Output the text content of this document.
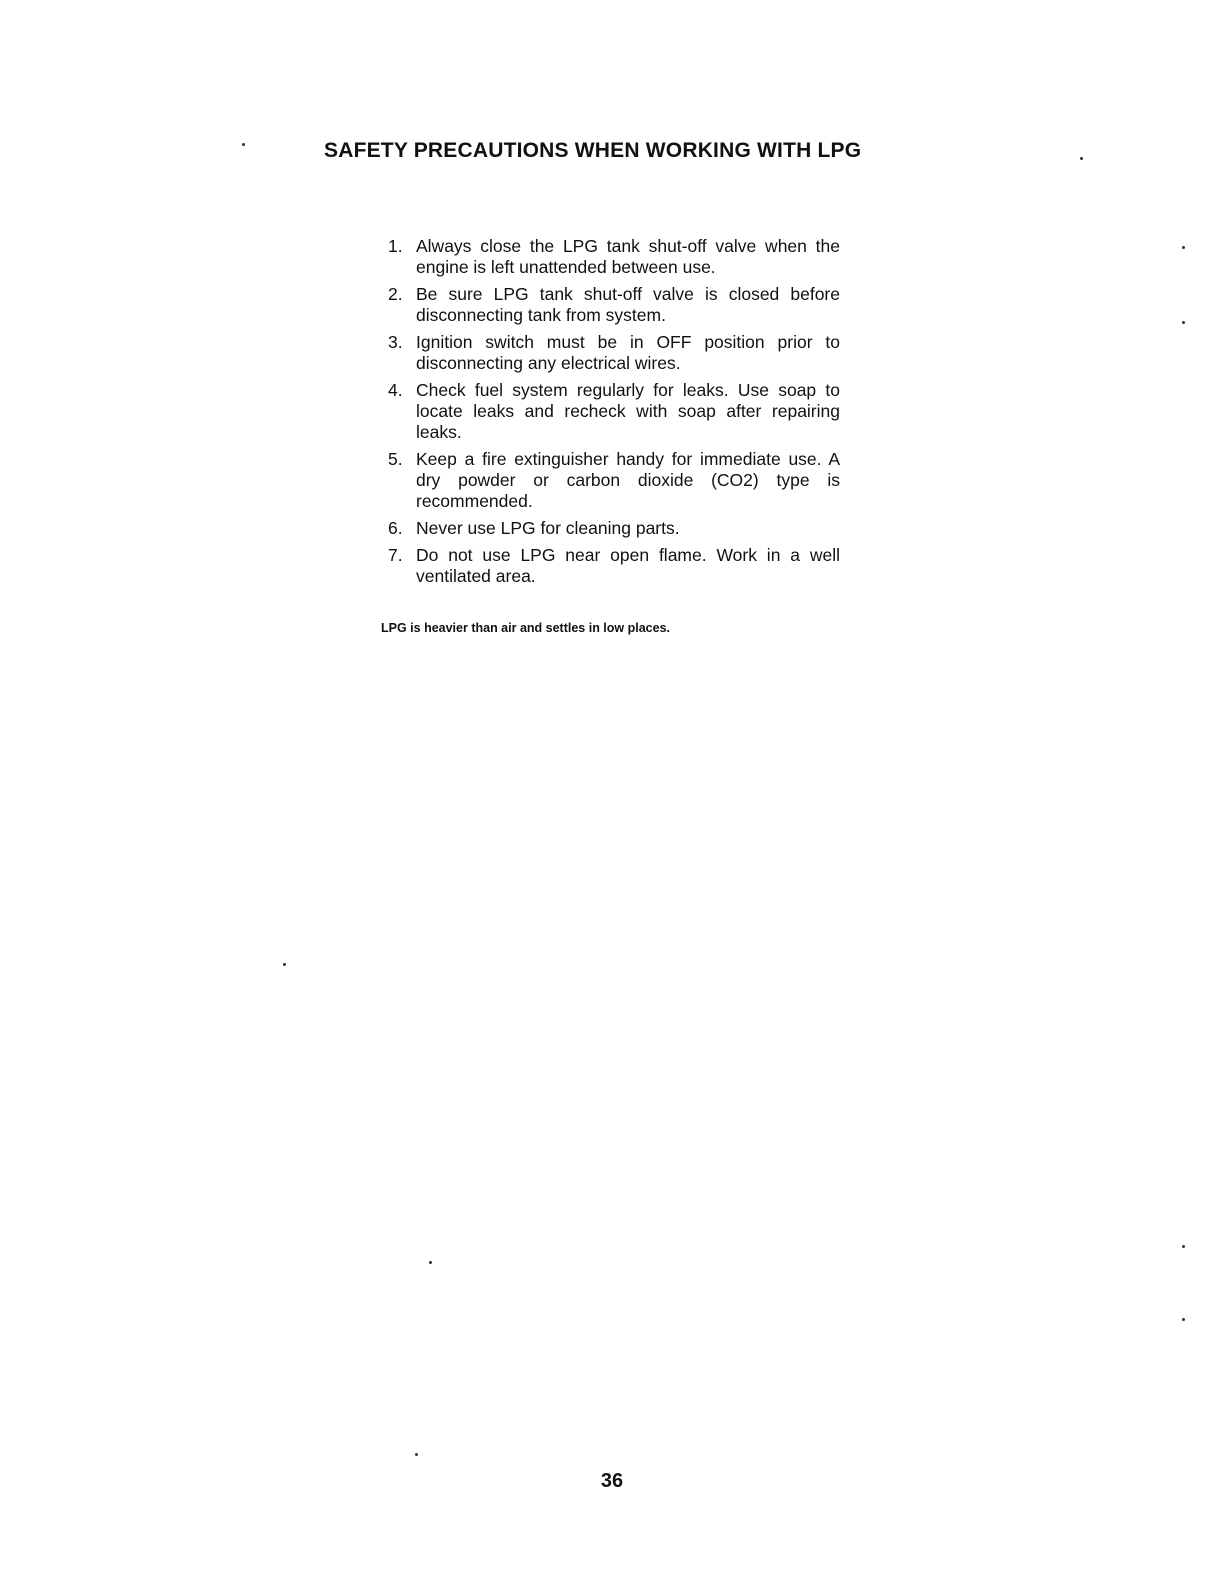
SAFETY PRECAUTIONS WHEN WORKING WITH LPG
1. Always close the LPG tank shut-off valve when the engine is left unattended between use.
2. Be sure LPG tank shut-off valve is closed before disconnecting tank from system.
3. Ignition switch must be in OFF position prior to disconnecting any electrical wires.
4. Check fuel system regularly for leaks. Use soap to locate leaks and recheck with soap after repairing leaks.
5. Keep a fire extinguisher handy for immediate use. A dry powder or carbon dioxide (CO2) type is recommended.
6. Never use LPG for cleaning parts.
7. Do not use LPG near open flame. Work in a well ventilated area.

LPG is heavier than air and settles in low places.

36
